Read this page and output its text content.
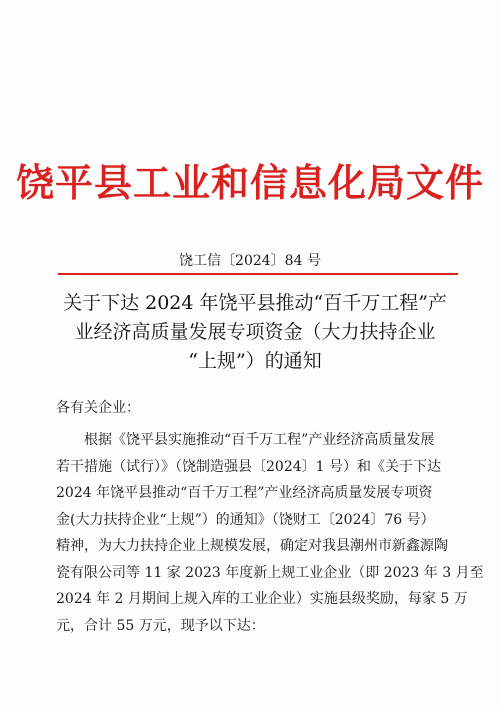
饶平县工业和信息化局文件
饶工信〔2024〕84 号
关于下达 2024 年饶平县推动“百千万工程”产
业经济高质量发展专项资金（大力扶持企业
“上规”）的通知
各有关企业：
　　根据《饶平县实施推动“百千万工程”产业经济高质量发展
若干措施（试行）》（饶制造强县〔2024〕1 号）和《关于下达
2024 年饶平县推动“百千万工程”产业经济高质量发展专项资
金(大力扶持企业“上规”）的通知》（饶财工〔2024〕76 号）
精神，为大力扶持企业上规模发展，确定对我县潮州市新鑫源陶
瓷有限公司等 11 家 2023 年度新上规工业企业（即 2023 年 3 月至
2024 年 2 月期间上规入库的工业企业）实施县级奖励，每家 5 万
元，合计 55 万元，现予以下达：
